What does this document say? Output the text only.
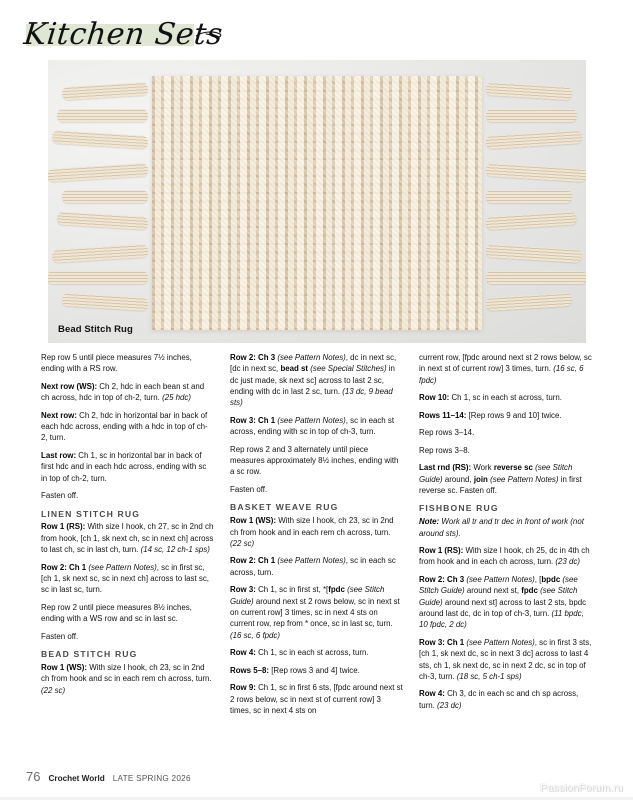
Kitchen Sets
Bead Stitch Rug

Rep row 5 until piece measures 7½ inches, ending with a RS row.

Next row (WS): Ch 2, hdc in each bean st and ch across, hdc in top of ch-2, turn. (25 hdc)

Next row: Ch 2, hdc in horizontal bar in back of each hdc across, ending with a hdc in top of ch-2, turn.

Last row: Ch 1, sc in horizontal bar in back of first hdc and in each hdc across, ending with sc in top of ch-2, turn.

Fasten off.

LINEN STITCH RUG

Row 1 (RS): With size I hook, ch 27, sc in 2nd ch from hook, [ch 1, sk next ch, sc in next ch] across to last ch, sc in last ch, turn. (14 sc, 12 ch-1 sps)

Row 2: Ch 1 (see Pattern Notes), sc in first sc, [ch 1, sk next sc, sc in next ch] across to last sc, sc in last sc, turn.

Rep row 2 until piece measures 8½ inches, ending with a WS row and sc in last sc.

Fasten off.

BEAD STITCH RUG

Row 1 (WS): With size I hook, ch 23, sc in 2nd ch from hook and sc in each rem ch across, turn. (22 sc)

Row 2: Ch 3 (see Pattern Notes), dc in next sc, [dc in next sc, bead st (see Special Stitches) in dc just made, sk next sc] across to last 2 sc, ending with dc in last 2 sc, turn. (13 dc, 9 bead sts)

Row 3: Ch 1 (see Pattern Notes), sc in each st across, ending with sc in top of ch-3, turn.

Rep rows 2 and 3 alternately until piece measures approximately 8½ inches, ending with a sc row.

Fasten off.

BASKET WEAVE RUG

Row 1 (WS): With size I hook, ch 23, sc in 2nd ch from hook and in each rem ch across, turn. (22 sc)

Row 2: Ch 1 (see Pattern Notes), sc in each sc across, turn.

Row 3: Ch 1, sc in first st, *[fpdc (see Stitch Guide) around next st 2 rows below, sc in next st on current row] 3 times, sc in next 4 sts on current row, rep from * once, sc in last sc, turn. (16 sc, 6 fpdc)

Row 4: Ch 1, sc in each st across, turn.

Rows 5–8: [Rep rows 3 and 4] twice.

Row 9: Ch 1, sc in first 6 sts, [fpdc around next st 2 rows below, sc in next st of current row] 3 times, sc in next 4 sts on

current row, [fpdc around next st 2 rows below, sc in next st of current row] 3 times, turn. (16 sc, 6 fpdc)

Row 10: Ch 1, sc in each st across, turn.

Rows 11–14: [Rep rows 9 and 10] twice.

Rep rows 3–14.

Rep rows 3–8.

Last rnd (RS): Work reverse sc (see Stitch Guide) around, join (see Pattern Notes) in first reverse sc. Fasten off.

FISHBONE RUG

Note: Work all tr and tr dec in front of work (not around sts).

Row 1 (RS): With size I hook, ch 25, dc in 4th ch from hook and in each ch across, turn. (23 dc)

Row 2: Ch 3 (see Pattern Notes), [bpdc (see Stitch Guide) around next st, fpdc (see Stitch Guide) around next st] across to last 2 sts, bpdc around last dc, dc in top of ch-3, turn. (11 bpdc, 10 fpdc, 2 dc)

Row 3: Ch 1 (see Pattern Notes), sc in first 3 sts, [ch 1, sk next dc, sc in next 3 dc] across to last 4 sts, ch 1, sk next dc, sc in next 2 dc, sc in top of ch-3, turn. (18 sc, 5 ch-1 sps)

Row 4: Ch 3, dc in each sc and ch sp across, turn. (23 dc)

76 Crochet World LATE SPRING 2026
PassionForum.ru
